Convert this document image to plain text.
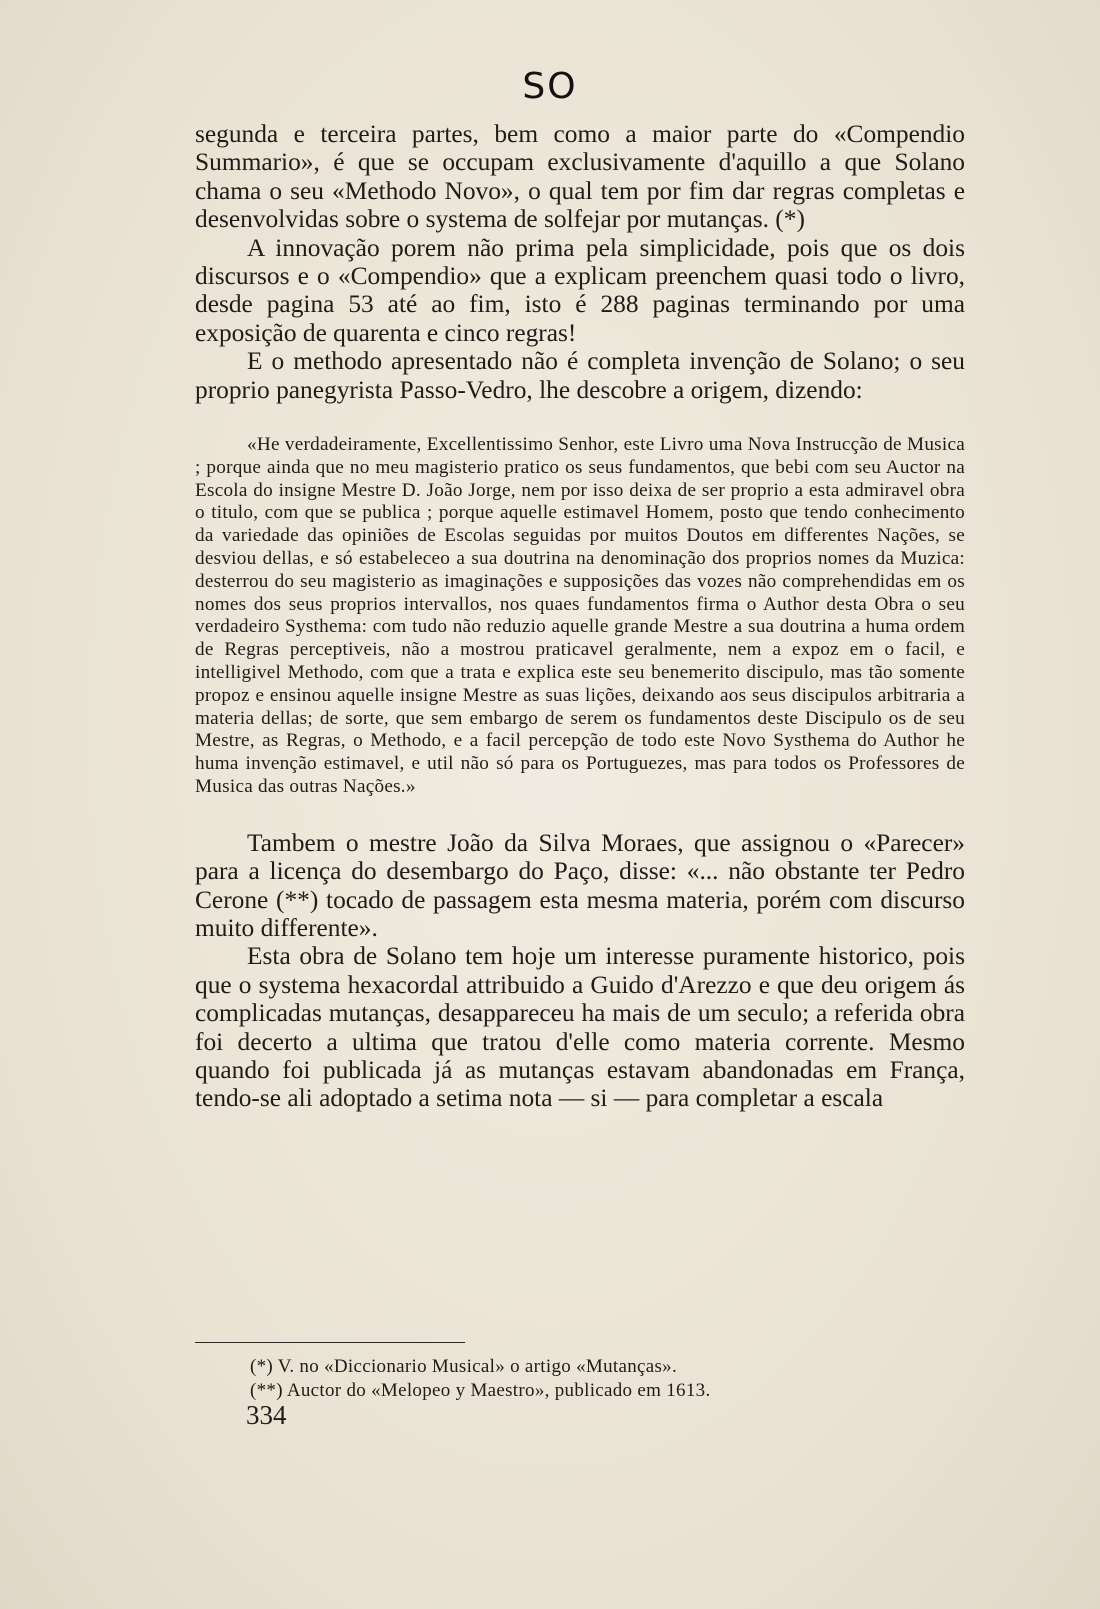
SO

segunda e terceira partes, bem como a maior parte do «Compendio Summario», é que se occupam exclusivamente d'aquillo a que Solano chama o seu «Methodo Novo», o qual tem por fim dar regras completas e desenvolvidas sobre o systema de solfejar por mutanças. (*)

A innovação porem não prima pela simplicidade, pois que os dois discursos e o «Compendio» que a explicam preenchem quasi todo o livro, desde pagina 53 até ao fim, isto é 288 paginas terminando por uma exposição de quarenta e cinco regras!

E o methodo apresentado não é completa invenção de Solano; o seu proprio panegyrista Passo-Vedro, lhe descobre a origem, dizendo:

«He verdadeiramente, Excellentissimo Senhor, este Livro uma Nova Instrucção de Musica ; porque ainda que no meu magisterio pratico os seus fundamentos, que bebi com seu Auctor na Escola do insigne Mestre D. João Jorge, nem por isso deixa de ser proprio a esta admiravel obra o titulo, com que se publica ; porque aquelle estimavel Homem, posto que tendo conhecimento da variedade das opiniões de Escolas seguidas por muitos Doutos em differentes Nações, se desviou dellas, e só estabeleceo a sua doutrina na denominação dos proprios nomes da Muzica: desterrou do seu magisterio as imaginações e supposições das vozes não comprehendidas em os nomes dos seus proprios intervallos, nos quaes fundamentos firma o Author desta Obra o seu verdadeiro Systhema: com tudo não reduzio aquelle grande Mestre a sua doutrina a huma ordem de Regras perceptiveis, não a mostrou praticavel geralmente, nem a expoz em o facil, e intelligivel Methodo, com que a trata e explica este seu benemerito discipulo, mas tão somente propoz e ensinou aquelle insigne Mestre as suas lições, deixando aos seus discipulos arbitraria a materia dellas; de sorte, que sem embargo de serem os fundamentos deste Discipulo os de seu Mestre, as Regras, o Methodo, e a facil percepção de todo este Novo Systhema do Author he huma invenção estimavel, e util não só para os Portuguezes, mas para todos os Professores de Musica das outras Nações.»

Tambem o mestre João da Silva Moraes, que assignou o «Parecer» para a licença do desembargo do Paço, disse: «... não obstante ter Pedro Cerone (**) tocado de passagem esta mesma materia, porém com discurso muito differente».

Esta obra de Solano tem hoje um interesse puramente historico, pois que o systema hexacordal attribuido a Guido d'Arezzo e que deu origem ás complicadas mutanças, desappareceu ha mais de um seculo; a referida obra foi decerto a ultima que tratou d'elle como materia corrente. Mesmo quando foi publicada já as mutanças estavam abandonadas em França, tendo-se ali adoptado a setima nota — si — para completar a escala

(*) V. no «Diccionario Musical» o artigo «Mutanças».

(**) Auctor do «Melopeo y Maestro», publicado em 1613.

334
